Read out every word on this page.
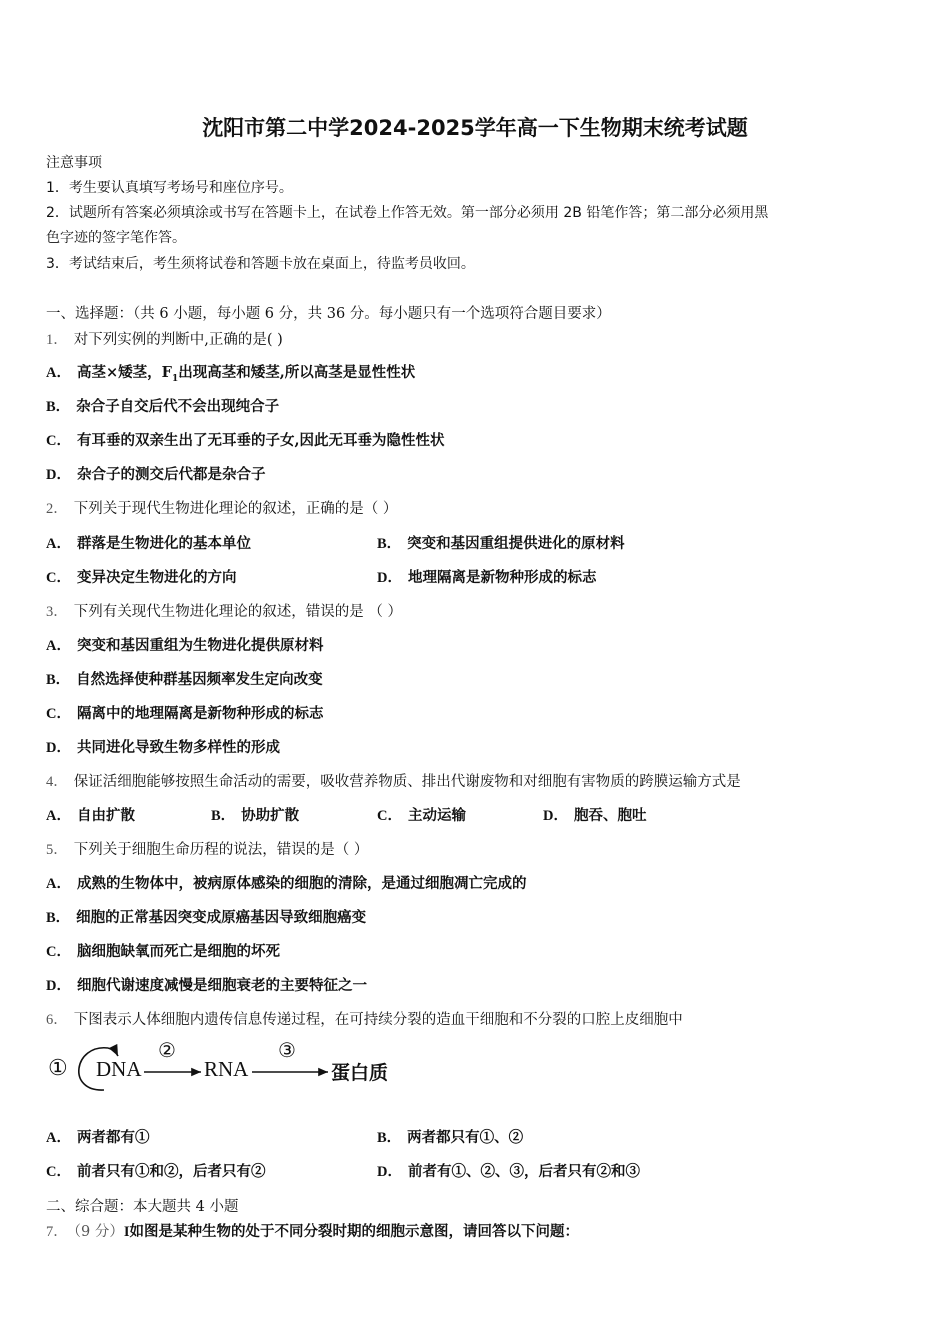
沈阳市第二中学2024-2025学年高一下生物期末统考试题
注意事项
1．考生要认真填写考场号和座位序号。
2．试题所有答案必须填涂或书写在答题卡上，在试卷上作答无效。第一部分必须用 2B 铅笔作答；第二部分必须用黑
色字迹的签字笔作答。
3．考试结束后，考生须将试卷和答题卡放在桌面上，待监考员收回。
一、选择题：（共 6 小题，每小题 6 分，共 36 分。每小题只有一个选项符合题目要求）
1． 对下列实例的判断中,正确的是( )
A． 高茎×矮茎，$F_1$出现高茎和矮茎,所以高茎是显性性状
B． 杂合子自交后代不会出现纯合子
C． 有耳垂的双亲生出了无耳垂的子女,因此无耳垂为隐性性状
D． 杂合子的测交后代都是杂合子
2． 下列关于现代生物进化理论的叙述，正确的是（ ）
A． 群落是生物进化的基本单位	B． 突变和基因重组提供进化的原材料
C． 变异决定生物进化的方向	D． 地理隔离是新物种形成的标志
3． 下列有关现代生物进化理论的叙述，错误的是 （ ）
A． 突变和基因重组为生物进化提供原材料
B． 自然选择使种群基因频率发生定向改变
C． 隔离中的地理隔离是新物种形成的标志
D． 共同进化导致生物多样性的形成
4． 保证活细胞能够按照生命活动的需要，吸收营养物质、排出代谢废物和对细胞有害物质的跨膜运输方式是
A． 自由扩散	B． 协助扩散	C． 主动运输	D． 胞吞、胞吐
5． 下列关于细胞生命历程的说法，错误的是（ ）
A． 成熟的生物体中，被病原体感染的细胞的清除，是通过细胞凋亡完成的
B． 细胞的正常基因突变成原癌基因导致细胞癌变
C． 脑细胞缺氧而死亡是细胞的坏死
D． 细胞代谢速度减慢是细胞衰老的主要特征之一
6． 下图表示人体细胞内遗传信息传递过程，在可持续分裂的造血干细胞和不分裂的口腔上皮细胞中
① DNA
②
RNA
③
蛋白质
A． 两者都有①	B． 两者都只有①、②
C． 前者只有①和②，后者只有②	D． 前者有①、②、③，后者只有②和③
二、综合题：本大题共 4 小题
7． （9 分）I如图是某种生物的处于不同分裂时期的细胞示意图，请回答以下问题：
